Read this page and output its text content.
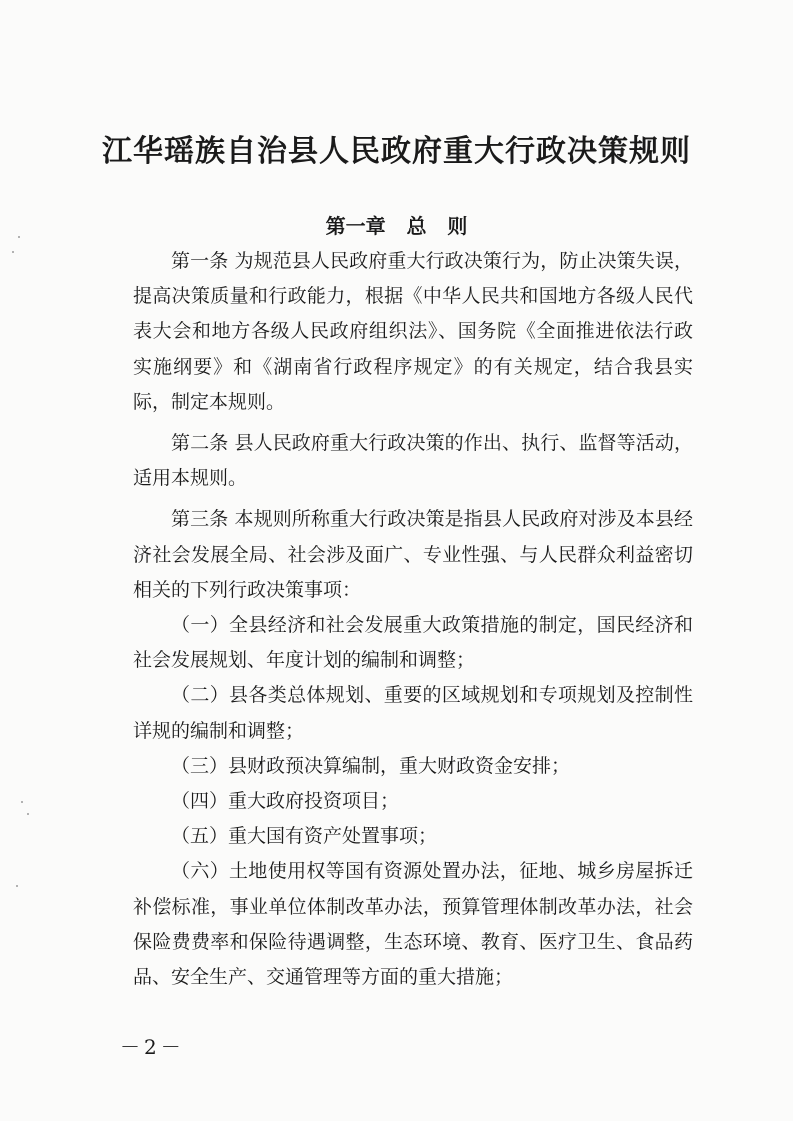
江华瑶族自治县人民政府重大行政决策规则
第一章   总   则

第一条 为规范县人民政府重大行政决策行为，防止决策失误，提高决策质量和行政能力，根据《中华人民共和国地方各级人民代表大会和地方各级人民政府组织法》、国务院《全面推进依法行政实施纲要》和《湖南省行政程序规定》的有关规定，结合我县实际，制定本规则。

第二条 县人民政府重大行政决策的作出、执行、监督等活动，适用本规则。

第三条 本规则所称重大行政决策是指县人民政府对涉及本县经济社会发展全局、社会涉及面广、专业性强、与人民群众利益密切相关的下列行政决策事项：

（一）全县经济和社会发展重大政策措施的制定，国民经济和社会发展规划、年度计划的编制和调整；

（二）县各类总体规划、重要的区域规划和专项规划及控制性详规的编制和调整；

（三）县财政预决算编制，重大财政资金安排；

（四）重大政府投资项目；

（五）重大国有资产处置事项；

（六）土地使用权等国有资源处置办法，征地、城乡房屋拆迁补偿标准，事业单位体制改革办法，预算管理体制改革办法，社会保险费费率和保险待遇调整，生态环境、教育、医疗卫生、食品药品、安全生产、交通管理等方面的重大措施；

－2－
